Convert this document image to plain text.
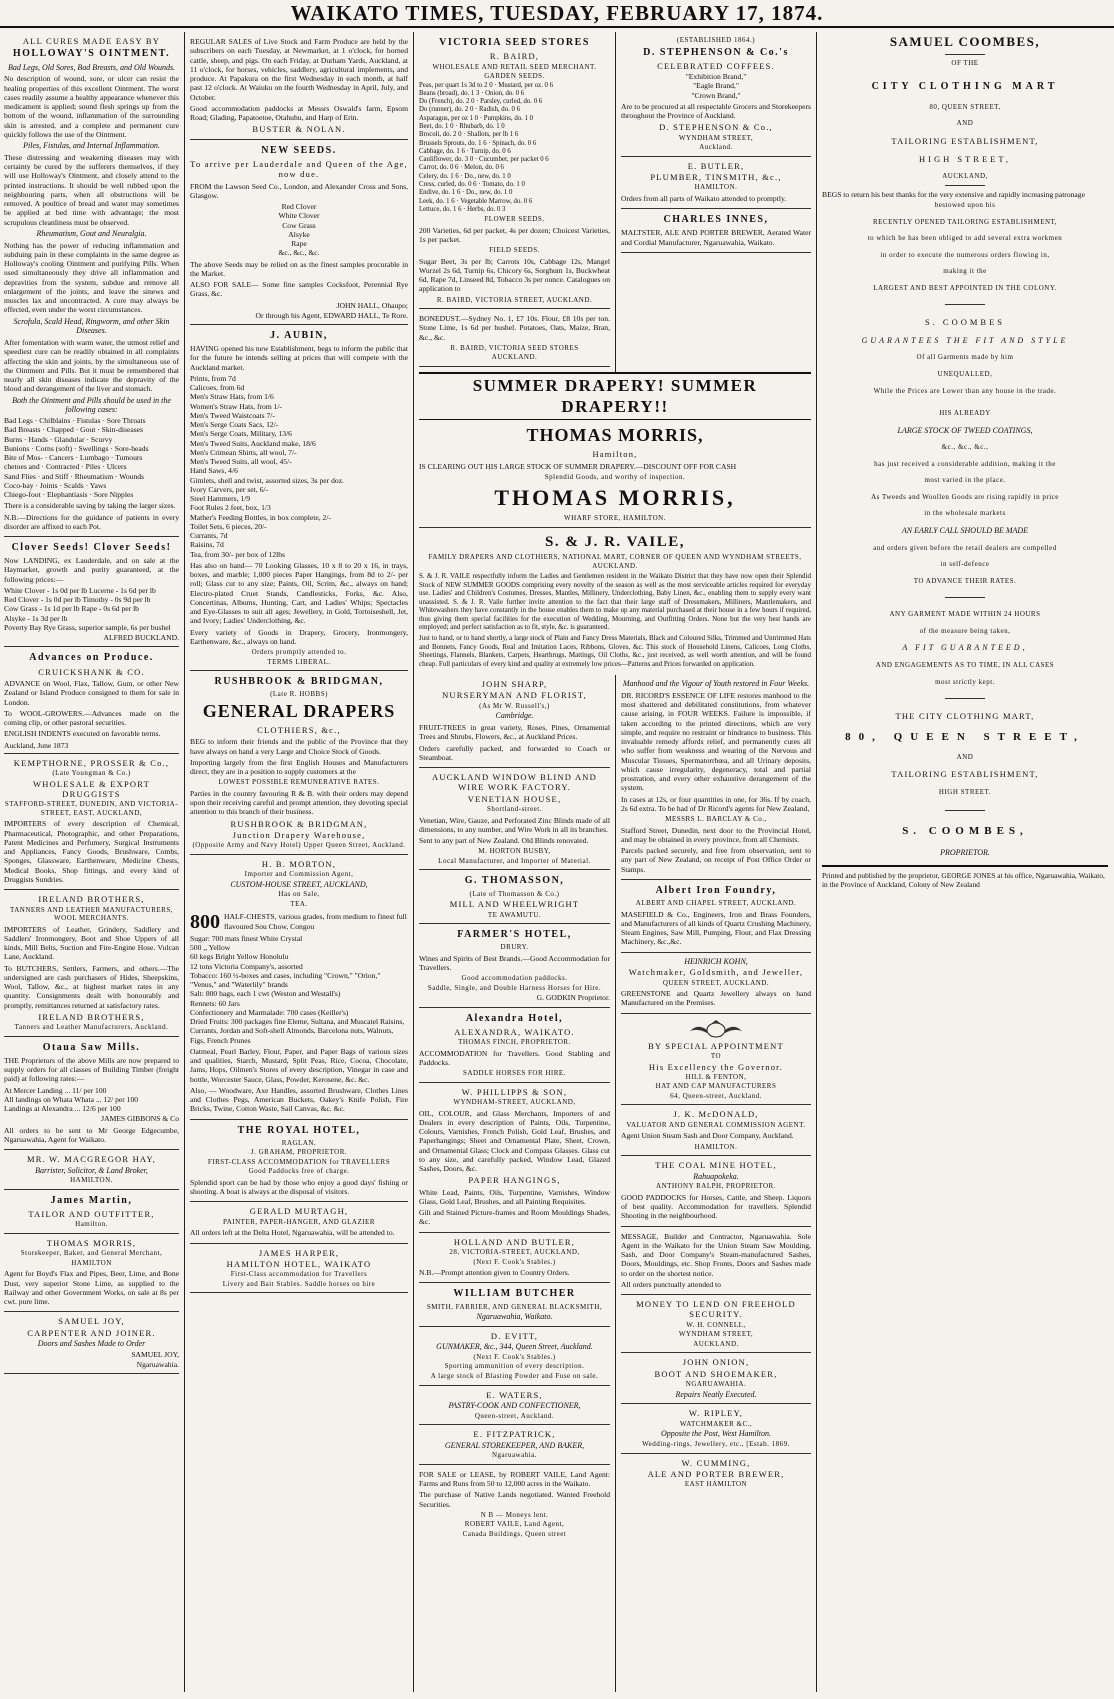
WAIKATO TIMES, TUESDAY, FEBRUARY 17, 1874.
ALL CURES MADE EASY BY
HOLLOWAY'S OINTMENT.
Bad Legs, Old Sores, Bad Breasts, and Old Wounds.
No description of wound, sore, or ulcer can resist the healing properties of this excellent Ointment. The worst cases readily assume a healthy appearance whenever this medicament is applied; sound flesh springs up from the bottom of the wound, inflammation of the surrounding skin is arrested, and a complete and permanent cure quickly follows the use of the Ointment.
Piles, Fistulas, and Internal Inflammation.
These distressing and weakening diseases may with certainty be cured by the sufferers themselves, if they will use Holloway's Ointment, and closely attend to the printed instructions. It should be well rubbed upon the neighbouring parts, when all obstructions will be removed. A poultice of bread and water may sometimes be applied at bed time with advantage; the most scrupulous cleanliness must be observed.
Rheumatism, Gout and Neuralgia.
Nothing has the power of reducing inflammation and subduing pain in these complaints in the same degree as Holloway's cooling Ointment and purifying Pills. When used simultaneously they drive all inflammation and depravities from the system, subdue and remove all enlargement of the joints, and leave the sinews and muscles lax and uncontracted. A cure may always be effected, even under the worst circumstances.
Scrofula, Scald Head, Ringworm, and other Skin Diseases.
After fomentation with warm water, the utmost relief and speediest cure can be readily obtained in all complaints affecting the skin and joints, by the simultaneous use of the Ointment and Pills. But it must be remembered that nearly all skin diseases indicate the depravity of the blood and derangement of the liver and stomach.
Both the Ointment and Pills should be used in the following cases:
Bad Legs · Chilblains · Fistulas · Sore Throats
Bad Breasts · Chapped · Gout · Skin-diseases
Burns · Hands · Glandular · Scurvy
Bunions · Corns (soft) · Swellings · Sore-heads
Bite of Mos- · Cancers · Lumbago · Tumours
chetoes and · Contracted · Piles · Ulcers
Sand Flies · and Stiff · Rheumatism · Wounds
Coco-bay · Joints · Scalds · Yaws
Chiego-foot · Elephantiasis · Sore Nipples
There is a considerable saving by taking the larger sizes.
N.B.—Directions for the guidance of patients in every disorder are affixed to each Pot.
Clover Seeds! Clover Seeds!
Now LANDING, ex Lauderdale, and on sale at the Haymarket, growth and purity guaranteed, at the following prices:—
White Clover - 1s 0d per lb Lucerne - 1s 6d per lb
Red Clover - 1s 0d per lb Timothy - 0s 9d per lb
Cow Grass - 1s 1d per lb Rape - 0s 6d per lb
Alsyke - 1s 3d per lb
Poverty Bay Rye Grass, superior sample, 6s per bushel
ALFRED BUCKLAND.
Advances on Produce.
CRUICKSHANK & CO.
ADVANCE on Wool, Flax, Tallow, Gum, or other New Zealand or Island Produce consigned to them for sale in London.
To WOOL-GROWERS.—Advances made on the coming clip, or other pastoral securities.
ENGLISH INDENTS executed on favorable terms.
Auckland, June 1873
KEMPTHORNE, PROSSER & Co.,
(Late Youngman & Co.)
WHOLESALE & EXPORT DRUGGISTS
STAFFORD-STREET, DUNEDIN, AND VICTORIA-STREET, EAST, AUCKLAND,
IMPORTERS of every description of Chemical, Pharmaceutical, Photographic, and other Preparations, Patent Medicines and Perfumery, Surgical Instruments and Appliances, Fancy Goods, Brushware, Combs, Sponges, Glassware, Earthenware, Medicine Chests, Medical Books, Shop fittings, and every kind of Druggists Sundries.
IRELAND BROTHERS,
TANNERS AND LEATHER MANUFACTURERS, WOOL MERCHANTS.
IMPORTERS of Leather, Grindery, Saddlery and Saddlers' Ironmongery, Boot and Shoe Uppers of all kinds, Mill Belts, Suction and Fire-Engine Hose. Vulcan Lane, Auckland.
To BUTCHERS, Settlers, Farmers, and others.—The undersigned are cash purchasers of Hides, Sheepskins, Wool, Tallow, &c., at highest market rates in any quantity. Consignments dealt with honourably and promptly, remittances returned at satisfactory rates.
IRELAND BROTHERS,
Tanners and Leather Manufacturers, Auckland.
Otaua Saw Mills.
THE Proprietors of the above Mills are now prepared to supply orders for all classes of Building Timber (freight paid) at following rates:—
At Mercer Landing ... 11/ per 100
All landings on Whata Whata ... 12/ per 100
Landings at Alexandra ... 12/6 per 100
JAMES GIBBONS & Co
All orders to be sent to Mr George Edgecumbe, Ngaruawahia, Agent for Waikato.
MR. W. MACGREGOR HAY,
Barrister, Solicitor, & Land Broker,
HAMILTON.
James Martin,
TAILOR AND OUTFITTER,
Hamilton.
THOMAS MORRIS,
Storekeeper, Baker, and General Merchant,
HAMILTON
Agent for Boyd's Flax and Pipes, Beer, Lime, and Bone Dust, very superior Stone Lime, as supplied to the Railway and other Government Works, on sale at 8s per cwt. pure lime.
SAMUEL JOY,
CARPENTER AND JOINER.
Doors and Sashes Made to Order
SAMUEL JOY,
Ngaruawahia.
REGULAR SALES of Live Stock and Farm Produce are held by the subscribers on each Tuesday, at Newmarket, at 1 o'clock, for horned cattle, sheep, and pigs. On each Friday, at Durham Yards, Auckland, at 11 o'clock, for horses, vehicles, saddlery, agricultural implements, and produce. At Papakura on the first Wednesday in each month, at half past 12 o'clock. At Waiuku on the fourth Wednesday in April, July, and October.
Good accommodation paddocks at Messrs Oswald's farm, Epsom Road; Glading, Papatoetoe, Otahuhu, and Harp of Erin.
BUSTER & NOLAN.
NEW SEEDS.
To arrive per Lauderdale and Queen of the Age, now due.
FROM the Lawson Seed Co., London, and Alexander Cross and Sons, Glasgow.
Red Clover
White Clover
Cow Grass
Alsyke
Rape
&c., &c., &c.
The above Seeds may be relied on as the finest samples procurable in the Market.
ALSO FOR SALE— Some fine samples Cocksfoot, Perennial Rye Grass, &c.
JOHN HALL, Ohaupo;
Or through his Agent, EDWARD HALL, Te Rore.
J. AUBIN,
HAVING opened his new Establishment, begs to inform the public that for the future he intends selling at prices that will compete with the Auckland market.
Prints, from 7d
Calicoes, from 6d
Men's Straw Hats, from 1/6
Women's Straw Hats, from 1/-
Men's Tweed Waistcoats 7/-
Men's Serge Coats Sacs, 12/-
Men's Serge Coats, Military, 13/6
Men's Tweed Suits, Auckland make, 18/6
Men's Crimean Shirts, all wool, 7/-
Men's Tweed Suits, all wool, 45/-
Hand Saws, 4/6
Gimlets, shell and twist, assorted sizes, 3s per doz.
Ivory Carvers, per set, 6/-
Steel Hammers, 1/9
Foot Rules 2 feet, box, 1/3
Mather's Feeding Bottles, in box complete, 2/-
Toilet Sets, 6 pieces, 20/-
Currants, 7d
Raisins, 7d
Tea, from 30/- per box of 12lbs
Has also on hand— 70 Looking Glasses, 10 x 8 to 20 x 16, in trays, boxes, and marble; 1,000 pieces Paper Hangings, from 8d to 2/- per roll; Glass cut to any size; Paints, Oil, Scrim, &c., always on hand; Electro-plated Cruet Stands, Candlesticks, Forks, &c. Also, Concertinas, Albums, Hunting, Cart, and Ladies' Whips; Spectacles and Eye-Glasses to suit all ages; Jewellery, in Gold, Tortoiseshell, Jet, and Ivory; Ladies' Underclothing, &c.
Every variety of Goods in Drapery, Grocery, Ironmongery, Earthenware, &c., always on hand.
Orders promptly attended to.
TERMS LIBERAL.
RUSHBROOK & BRIDGMAN,
(Late R. HOBBS)
GENERAL DRAPERS
CLOTHIERS, &c.,
BEG to inform their friends and the public of the Province that they have always on hand a very Large and Choice Stock of Goods.
Importing largely from the first English Houses and Manufacturers direct, they are in a position to supply customers at the
LOWEST POSSIBLE REMUNERATIVE RATES.
Parties in the country favouring R & B. with their orders may depend upon their receiving careful and prompt attention, they devoting special attention to this branch of their business.
RUSHBROOK & BRIDGMAN,
Junction Drapery Warehouse,
(Opposite Army and Navy Hotel) Upper Queen Street, Auckland.
H. B. MORTON,
Importer and Commission Agent,
CUSTOM-HOUSE STREET, AUCKLAND,
Has on Sale,
TEA.
800 HALF-CHESTS, various grades, from medium to finest full flavoured Sou Chow, Congou
Sugar: 700 mats finest White Crystal
500 ,, Yellow
60 kegs Bright Yellow Honolulu
12 tons Victoria Company's, assorted
Tobacco: 160 ½-boxes and cases, including "Crown," "Orion," "Venus," and "Waterlily" brands
Salt: 800 bags, each 1 cwt (Weston and Westall's)
Rennets: 60 Jars
Confectionery and Marmalade: 700 cases (Keiller's)
Dried Fruits: 300 packages fine Eleme, Sultana, and Muscatel Raisins, Currants, Jordan and Soft-shell Almonds, Barcelona nuts, Walnuts, Figs, French Prunes
Oatmeal, Pearl Barley, Flour, Paper, and Paper Bags of various sizes and qualities, Starch, Mustard, Split Peas, Rice, Cocoa, Chocolate, Jams, Hops, Oilmen's Stores of every description, Vinegar in case and bottle, Worcester Sauce, Glass, Powder, Kerosene, &c. &c.
Also, — Woodware, Axe Handles, assorted Brushware, Clothes Lines and Clothes Pegs, American Buckets, Oakey's Knife Polish, Fire Bricks, Twine, Cotton Waste, Sail Canvas, &c. &c.
THE ROYAL HOTEL,
RAGLAN.
J. GRAHAM, PROPRIETOR.
FIRST-CLASS ACCOMMODATION for TRAVELLERS
Good Paddocks free of charge.
Splendid sport can be had by those who enjoy a good days' fishing or shooting. A boat is always at the disposal of visitors.
GERALD MURTAGH,
PAINTER, PAPER-HANGER, AND GLAZIER
All orders left at the Delta Hotel, Ngaruawahia, will be attended to.
JAMES HARPER,
HAMILTON HOTEL, WAIKATO
First-Class accommodation for Travellers
Livery and Bait Stables. Saddle horses on hire
VICTORIA SEED STORES
R. BAIRD,
WHOLESALE AND RETAIL SEED MERCHANT.
GARDEN SEEDS.
Peas, per quart 1s 3d to 2 0 · Mustard, per oz. 0 6
Beans (broad), do. 1 3 · Onion, do. 0 6
Do (French), do. 2 0 · Parsley, curled, do. 0 6
Do (runner), do. 2 0 · Radish, do. 0 6
Asparagus, per oz 1 0 · Pumpkins, do. 1 0
Beet, do. 1 0 · Rhubarb, do. 1 0
Brocoli, do. 2 0 · Shallots, per lb 1 6
Brussels Sprouts, do. 1 6 · Spinach, do. 0 6
Cabbage, do. 1 6 · Turnip, do. 0 6
Cauliflower, do. 3 0 · Cucumber, per packet 0 6
Carrot, do. 0 6 · Melon, do. 0 6
Celery, do. 1 6 · Do., new, do. 1 0
Cress, curled, do. 0 6 · Tomato, do. 1 0
Endive, do. 1 6 · Do., new, do. 1 0
Leek, do. 1 6 · Vegetable Marrow, do. 0 6
Lettuce, do. 1 6 · Herbs, do. 0 3
FLOWER SEEDS.
200 Varieties, 6d per packet, 4s per dozen; Choicest Varieties, 1s per packet.
FIELD SEEDS.
Sugar Beet, 3s per lb; Carrots 10s, Cabbage 12s, Mangel Wurzel 2s 6d, Turnip 6s, Chicory 6s, Sorghum 1s, Buckwheat 6d, Rape 7d, Linseed 8d, Tobacco 3s per ounce. Catalogues on application to
R. BAIRD, VICTORIA STREET, AUCKLAND.
BONEDUST.—Sydney No. 1, £7 10s. Flour, £8 10s per ton. Stone Lime, 1s 6d per bushel. Potatoes, Oats, Maize, Bran, &c., &c.
R. BAIRD, VICTORIA SEED STORES
AUCKLAND.
(ESTABLISHED 1864.)
D. STEPHENSON & Co.'s
CELEBRATED COFFEES.
"Exhibition Brand,"
"Eagle Brand,"
"Crown Brand,"
Are to be procured at all respectable Grocers and Storekeepers throughout the Province of Auckland.
D. STEPHENSON & Co.,
WYNDHAM STREET,
Auckland.
E. BUTLER,
PLUMBER, TINSMITH, &c.,
HAMILTON.
Orders from all parts of Waikato attended to promptly.
CHARLES INNES,
MALTSTER, ALE AND PORTER BREWER, Aerated Water and Cordial Manufacturer, Ngaruawahia, Waikato.
SUMMER DRAPERY! SUMMER DRAPERY!!
THOMAS MORRIS,
Hamilton,
IS CLEARING OUT HIS LARGE STOCK OF SUMMER DRAPERY.—DISCOUNT OFF FOR CASH
Splendid Goods, and worthy of inspection.
THOMAS MORRIS,
WHARF STORE, HAMILTON.
S. & J. R. VAILE,
FAMILY DRAPERS AND CLOTHIERS, NATIONAL MART, CORNER OF QUEEN AND WYNDHAM STREETS, AUCKLAND.
S. & J. R. VAILE respectfully inform the Ladies and Gentlemen resident in the Waikato District that they have now open their Splendid Stock of NEW SUMMER GOODS comprising every novelty of the season as well as the most serviceable articles required for everyday use. Ladies' and Children's Costumes, Dresses, Mantles, Millinery, Underclothing, Baby Linen, &c., enabling them to supply every want unassisted. S. & J. R. Vaile further invite attention to the fact that their large staff of Dressmakers, Milliners, Mantlemakers, and Whitewashers they have constantly in the house enables them to make up any material purchased at their house in a few hours if required, thus giving them special facilities for the execution of Wedding, Mourning, and Outfitting Orders. None but the very best hands are employed; and perfect satisfaction as to fit, style, &c. is guaranteed.
Just to hand, or to hand shortly, a large stock of Plain and Fancy Dress Materials, Black and Coloured Silks, Trimmed and Untrimmed Hats and Bonnets, Fancy Goods, Real and Imitation Laces, Ribbons, Gloves, &c. This stock of Household Linens, Calicoes, Long Cloths, Sheetings, Flannels, Blankets, Carpets, Hearthrugs, Mattings, Oil Cloths, &c., just received, as well worth attention, and will be found cheap. Full particulars of every kind and quality at extremely low prices—Patterns and Prices forwarded on application.
JOHN SHARP,
NURSERYMAN AND FLORIST,
(As Mr W. Russell's,)
Cambridge.
FRUIT-TREES in great variety, Roses, Pines, Ornamental Trees and Shrubs, Flowers, &c., at Auckland Prices.
Orders carefully packed, and forwarded to Coach or Steamboat.
AUCKLAND WINDOW BLIND AND WIRE WORK FACTORY.
VENETIAN HOUSE,
Shortland-street.
Venetian, Wire, Gauze, and Perforated Zinc Blinds made of all dimensions, to any number, and Wire Work in all its branches.
Sent to any part of New Zealand. Old Blinds renovated.
M. HORTON BUSBY,
Local Manufacturer, and Importer of Material.
G. THOMASSON,
(Late of Thomasson & Co.)
MILL AND WHEELWRIGHT
TE AWAMUTU.
FARMER'S HOTEL,
DRURY.
Wines and Spirits of Best Brands.—Good Accommodation for Travellers.
Good accommodation paddocks.
Saddle, Single, and Double Harness Horses for Hire.
G. GODKIN Proprietor.
Alexandra Hotel,
ALEXANDRA, WAIKATO.
THOMAS FINCH, PROPRIETOR.
ACCOMMODATION for Travellers. Good Stabling and Paddocks.
SADDLE HORSES FOR HIRE.
W. PHILLIPPS & SON,
WYNDHAM-STREET, AUCKLAND,
OIL, COLOUR, and Glass Merchants, Importers of and Dealers in every description of Paints, Oils, Turpentine, Colours, Varnishes, French Polish, Gold Leaf, Brushes, and Paperhangings; Sheet and Ornamental Plate, Sheet, Crown, and Ornamental Glass; Clock and Compass Glasses. Glass cut to any size, and carefully packed, Window Lead, Glazed Sashes, Doors, &c.
PAPER HANGINGS,
White Lead, Paints, Oils, Turpentine, Varnishes, Window Glass, Gold Leaf, Brushes, and all Painting Requisites.
Gilt and Stained Picture-frames and Room Mouldings Shades, &c.
HOLLAND AND BUTLER,
28, VICTORIA-STREET, AUCKLAND,
(Next F. Cook's Stables.)
N.B.—Prompt attention given to Country Orders.
WILLIAM BUTCHER
SMITH, FARRIER, AND GENERAL BLACKSMITH,
Ngaruawahia, Waikato.
D. EVITT,
GUNMAKER, &c., 344, Queen Street, Auckland.
(Next F. Cook's Stables.)
Sporting ammunition of every description.
A large stock of Blasting Powder and Fuse on sale.
E. WATERS,
PASTRY-COOK AND CONFECTIONER,
Queen-street, Auckland.
E. FITZPATRICK,
GENERAL STOREKEEPER, AND BAKER,
Ngaruawahia.
FOR SALE or LEASE, by ROBERT VAILE, Land Agent: Farms and Runs from 50 to 12,000 acres in the Waikato.
The purchase of Native Lands negotiated. Wanted Freehold Securities.
N B — Moneys lent.
ROBERT VAILE, Land Agent,
Canada Buildings, Queen street
Manhood and the Vigour of Youth restored in Four Weeks.
DR. RICORD'S ESSENCE OF LIFE restores manhood to the most shattered and debilitated constitutions, from whatever cause arising, in FOUR WEEKS. Failure is impossible, if taken according to the printed directions, which are very simple, and require no restraint or hindrance to business. This invaluable remedy affords relief, and permanently cures all who suffer from weakness and wearing of the Nervous and Muscular Tissues, Spermatorrhœa, and all Urinary deposits, which cause irregularity, degeneracy, total and partial prostration, and every other exhaustive derangement of the system.
In cases at 12s, or four quantities in one, for 36s. If by coach, 2s 6d extra. To be had of Dr Ricord's agents for New Zealand,
MESSRS L. BARCLAY & Co.,
Stafford Street, Dunedin, next door to the Provincial Hotel, and may be obtained in every province, from all Chemists.
Parcels packed securely, and free from observation, sent to any part of New Zealand, on receipt of Post Office Order or Stamps.
Albert Iron Foundry,
ALBERT AND CHAPEL STREET, AUCKLAND.
MASEFIELD & Co., Engineers, Iron and Brass Founders, and Manufacturers of all kinds of Quartz Crushing Machinery, Steam Engines, Saw Mill, Pumping, Flour, and Flax Dressing Machinery, &c.,&c.
HEINRICH KOHN,
Watchmaker, Goldsmith, and Jeweller,
QUEEN STREET, AUCKLAND.
GREENSTONE and Quartz Jewellery always on hand Manufactured on the Premises.
BY SPECIAL APPOINTMENT
TO
His Excellency the Governor.
HILL & FENTON,
HAT AND CAP MANUFACTURERS
64, Queen-street, Auckland.
J. K. McDONALD,
VALUATOR AND GENERAL COMMISSION AGENT.
Agent Union Steam Sash and Door Company, Auckland.
HAMILTON.
THE COAL MINE HOTEL,
Rahuapokeka.
ANTHONY RALPH, PROPRIETOR.
GOOD PADDOCKS for Horses, Cattle, and Sheep. Liquors of best quality. Accommodation for travellers. Splendid Shooting in the neighbourhood.
MESSAGE, Builder and Contractor, Ngaruawahia. Sole Agent in the Waikato for the Union Steam Saw Moulding, Sash, and Door Company's Steam-manufactured Sashes, Doors, Mouldings, etc. Shop Fronts, Doors and Sashes made to order on the shortest notice.
All orders punctually attended to
MONEY TO LEND ON FREEHOLD SECURITY.
W. H. CONNELL,
WYNDHAM STREET,
AUCKLAND.
JOHN ONION,
BOOT AND SHOEMAKER,
NGARUAWAHIA.
Repairs Neatly Executed.
W. RIPLEY,
WATCHMAKER &C.,
Opposite the Post, West Hamilton.
Wedding-rings, Jewellery, etc., [Estab. 1869.
W. CUMMING,
ALE AND PORTER BREWER,
EAST HAMILTON
SAMUEL COOMBES,
OF THE
CITY CLOTHING MART
80, QUEEN STREET,
AND
TAILORING ESTABLISHMENT,
HIGH STREET,
AUCKLAND,
BEGS to return his best thanks for the very extensive and rapidly increasing patronage
bestowed upon his
RECENTLY OPENED TAILORING ESTABLISHMENT,
to which he has been obliged to add several extra workmen
in order to execute the numerous orders flowing in,
making it the
LARGEST AND BEST APPOINTED IN THE COLONY.
S. COOMBES
GUARANTEES THE FIT AND STYLE
Of all Garments made by him
UNEQUALLED,
While the Prices are Lower than any house in the trade.
HIS ALREADY
LARGE STOCK OF TWEED COATINGS,
&c., &c., &c.,
has just received a considerable addition, making it the
most varied in the place.
As Tweeds and Woollen Goods are rising rapidly in price
in the wholesale markets
AN EARLY CALL SHOULD BE MADE
and orders given before the retail dealers are compelled
in self-defence
TO ADVANCE THEIR RATES.
ANY GARMENT MADE WITHIN 24 HOURS
of the measure being taken,
A FIT GUARANTEED,
AND ENGAGEMENTS AS TO TIME, IN ALL CASES
most strictly kept.
THE CITY CLOTHING MART,
80, QUEEN STREET,
AND
TAILORING ESTABLISHMENT,
HIGH STREET.
S. COOMBES,
PROPRIETOR.
Printed and published by the proprietor, GEORGE JONES at his office, Ngaruawahia, Waikato, in the Province of Auckland, Colony of New Zealand
